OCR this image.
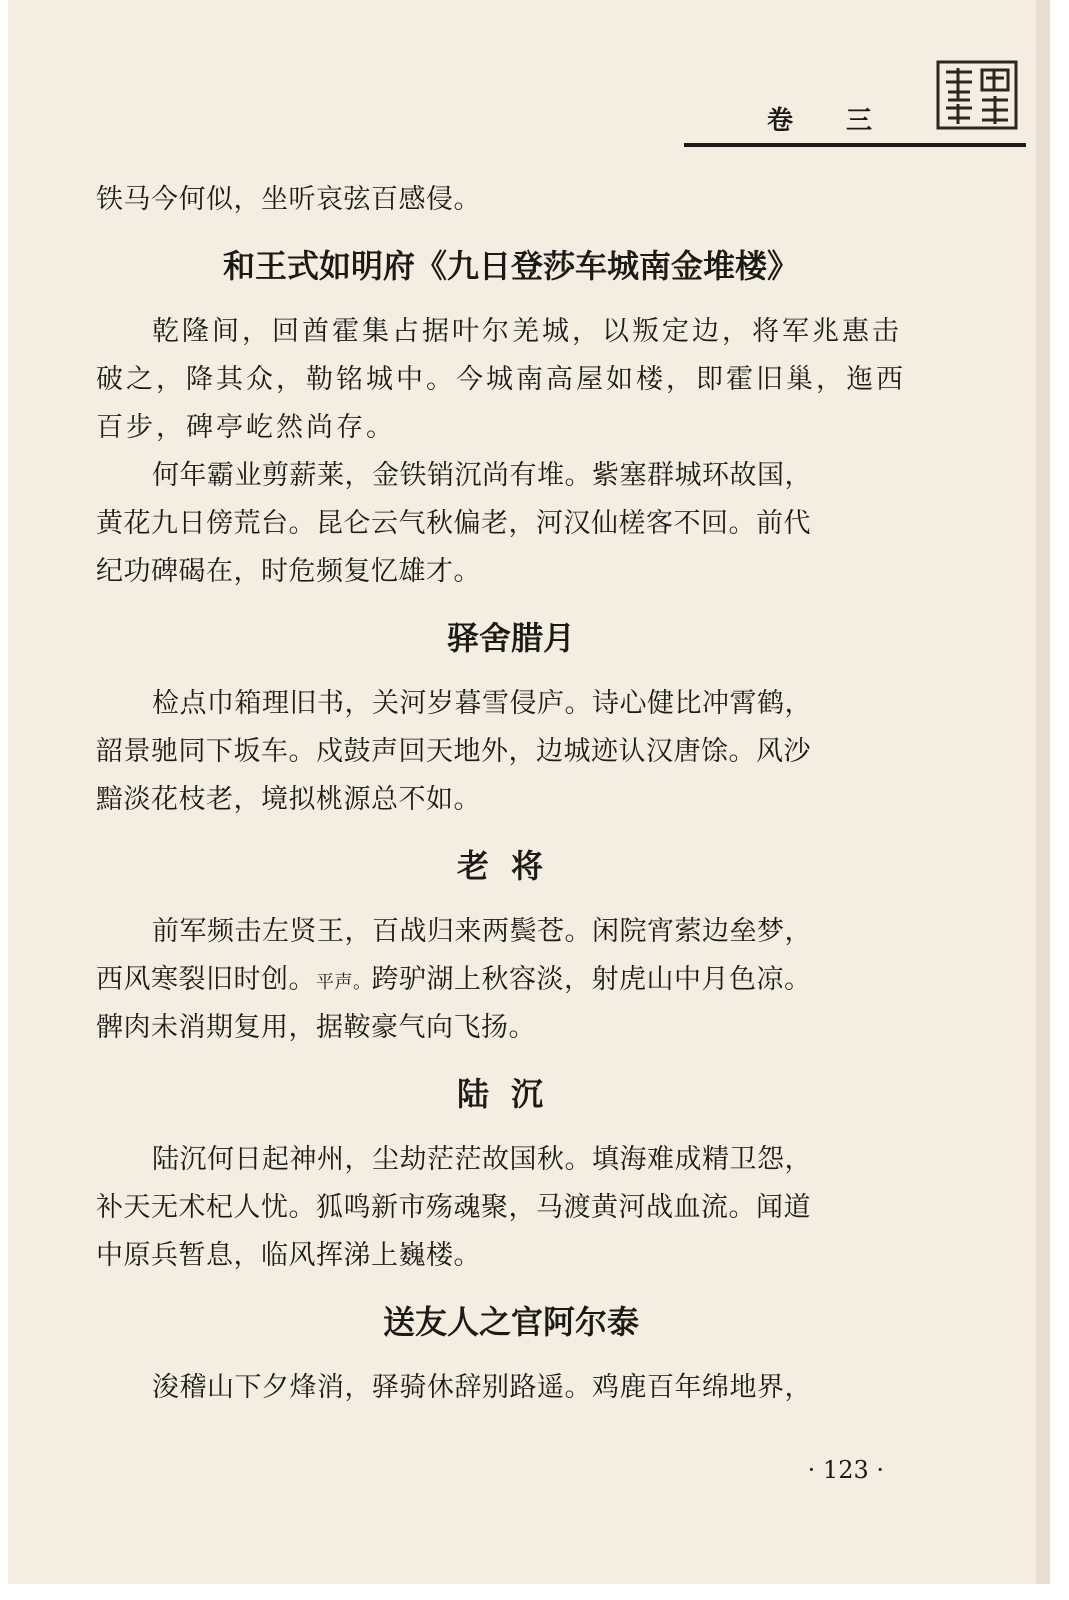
卷 三
铁马今何似，坐听哀弦百感侵。
和王式如明府《九日登莎车城南金堆楼》
乾隆间，回酋霍集占据叶尔羌城，以叛定边，将军兆惠击
破之，降其众，勒铭城中。今城南高屋如楼，即霍旧巢，迤西
百步，碑亭屹然尚存。
何年霸业剪薪莱，金铁销沉尚有堆。紫塞群城环故国，
黄花九日傍荒台。昆仑云气秋偏老，河汉仙槎客不回。前代
纪功碑碣在，时危频复忆雄才。
驿舍腊月
检点巾箱理旧书，关河岁暮雪侵庐。诗心健比冲霄鹤，
韶景驰同下坂车。戍鼓声回天地外，边城迹认汉唐馀。风沙
黯淡花枝老，境拟桃源总不如。
老将
前军频击左贤王，百战归来两鬓苍。闲院宵萦边垒梦，
西风寒裂旧时创。平声。跨驴湖上秋容淡，射虎山中月色凉。
髀肉未消期复用，据鞍豪气向飞扬。
陆沉
陆沉何日起神州，尘劫茫茫故国秋。填海难成精卫怨，
补天无术杞人忧。狐鸣新市殇魂聚，马渡黄河战血流。闻道
中原兵暂息，临风挥涕上巍楼。
送友人之官阿尔泰
浚稽山下夕烽消，驿骑休辞别路遥。鸡鹿百年绵地界，
· 123 ·
